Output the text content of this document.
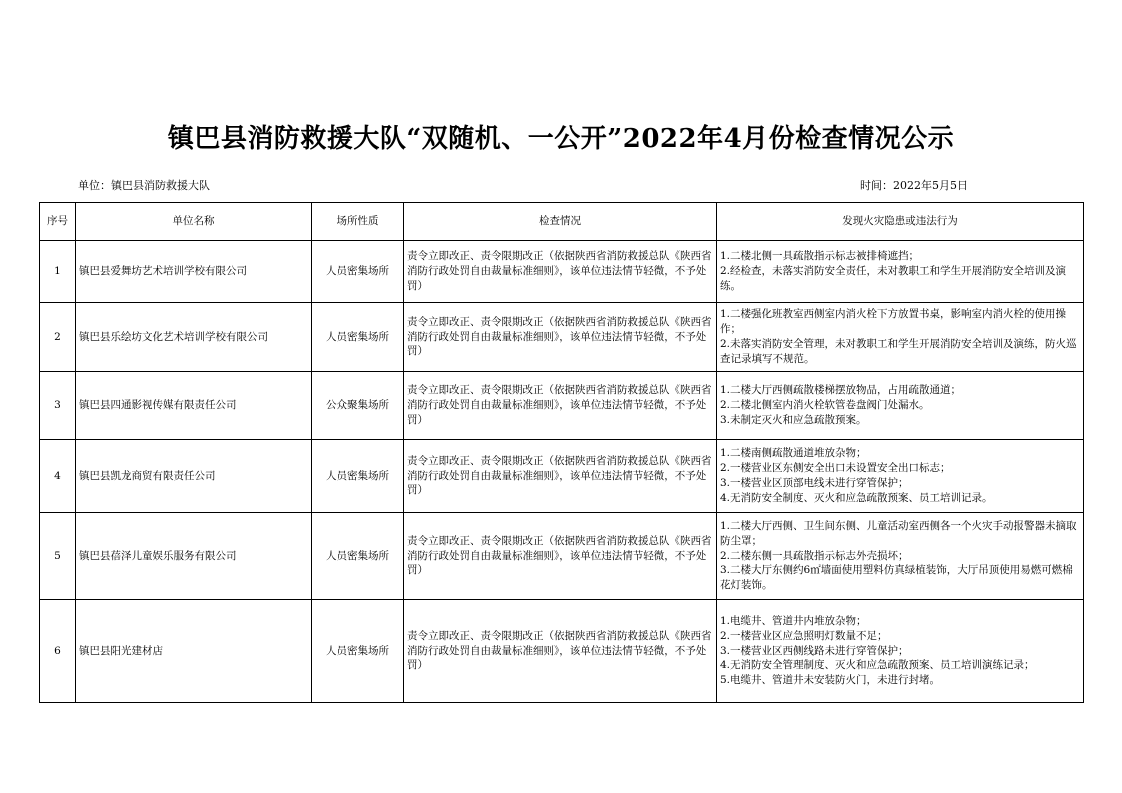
镇巴县消防救援大队“双随机、一公开”2022年4月份检查情况公示
单位：镇巴县消防救援大队	时间：2022年5月5日
序号	单位名称	场所性质	检查情况	发现火灾隐患或违法行为
1	镇巴县爱舞坊艺术培训学校有限公司	人员密集场所	责令立即改正、责令限期改正（依据陕西省消防救援总队《陕西省消防行政处罚自由裁量标准细则》，该单位违法情节轻微，不予处罚）	1.二楼北侧一具疏散指示标志被排椅遮挡；
2.经检查，未落实消防安全责任，未对教职工和学生开展消防安全培训及演练。

2	镇巴县乐绘坊文化艺术培训学校有限公司	人员密集场所	责令立即改正、责令限期改正（依据陕西省消防救援总队《陕西省消防行政处罚自由裁量标准细则》，该单位违法情节轻微，不予处罚）	1.二楼强化班教室西侧室内消火栓下方放置书桌，影响室内消火栓的使用操作；
2.未落实消防安全管理，未对教职工和学生开展消防安全培训及演练，防火巡查记录填写不规范。

3	镇巴县四通影视传媒有限责任公司	公众聚集场所	责令立即改正、责令限期改正（依据陕西省消防救援总队《陕西省消防行政处罚自由裁量标准细则》，该单位违法情节轻微，不予处罚）	1.二楼大厅西侧疏散楼梯摆放物品，占用疏散通道；
2.二楼北侧室内消火栓软管卷盘阀门处漏水。
3.未制定灭火和应急疏散预案。

4	镇巴县凯龙商贸有限责任公司	人员密集场所	责令立即改正、责令限期改正（依据陕西省消防救援总队《陕西省消防行政处罚自由裁量标准细则》，该单位违法情节轻微，不予处罚）	1.二楼南侧疏散通道堆放杂物；
2.一楼营业区东侧安全出口未设置安全出口标志；
3.一楼营业区顶部电线未进行穿管保护；
4.无消防安全制度、灭火和应急疏散预案、员工培训记录。

5	镇巴县蓓泽儿童娱乐服务有限公司	人员密集场所	责令立即改正、责令限期改正（依据陕西省消防救援总队《陕西省消防行政处罚自由裁量标准细则》，该单位违法情节轻微，不予处罚）	1.二楼大厅西侧、卫生间东侧、儿童活动室西侧各一个火灾手动报警器未摘取防尘罩；
2.二楼东侧一具疏散指示标志外壳损坏；
3.二楼大厅东侧约6㎡墙面使用塑料仿真绿植装饰，大厅吊顶使用易燃可燃棉花灯装饰。

6	镇巴县阳光建材店	人员密集场所	责令立即改正、责令限期改正（依据陕西省消防救援总队《陕西省消防行政处罚自由裁量标准细则》，该单位违法情节轻微，不予处罚）	1.电缆井、管道井内堆放杂物；
2.一楼营业区应急照明灯数量不足；
3.一楼营业区西侧线路未进行穿管保护；
4.无消防安全管理制度、灭火和应急疏散预案、员工培训演练记录；
5.电缆井、管道井未安装防火门，未进行封堵。
